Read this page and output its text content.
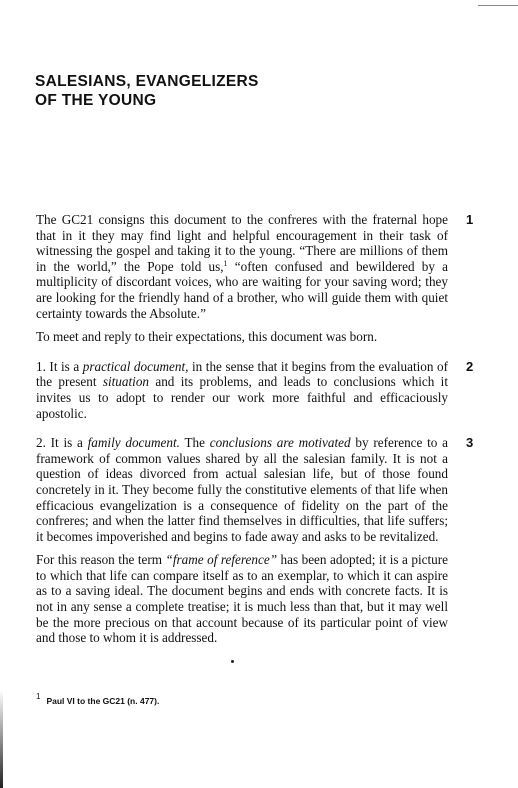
SALESIANS, EVANGELIZERS
OF THE YOUNG

1
The GC21 consigns this document to the confreres with the fraternal hope that in it they may find light and helpful encouragement in their task of witnessing the gospel and taking it to the young. “There are millions of them in the world,” the Pope told us,$^1$ “often confused and bewildered by a multiplicity of discordant voices, who are waiting for your saving word; they are looking for the friendly hand of a brother, who will guide them with quiet certainty towards the Absolute.”

To meet and reply to their expectations, this document was born.

2
1. It is a practical document, in the sense that it begins from the evaluation of the present situation and its problems, and leads to conclusions which it invites us to adopt to render our work more faithful and efficaciously apostolic.

3
2. It is a family document. The conclusions are motivated by reference to a framework of common values shared by all the salesian family. It is not a question of ideas divorced from actual salesian life, but of those found concretely in it. They become fully the constitutive elements of that life when efficacious evangelization is a consequence of fidelity on the part of the confreres; and when the latter find themselves in difficulties, that life suffers; it becomes impoverished and begins to fade away and asks to be revitalized.

For this reason the term “frame of reference” has been adopted; it is a picture to which that life can compare itself as to an exemplar, to which it can aspire as to a saving ideal. The document begins and ends with concrete facts. It is not in any sense a complete treatise; it is much less than that, but it may well be the more precious on that account because of its particular point of view and those to whom it is addressed.

$^1$ Paul VI to the GC21 (n. 477).
